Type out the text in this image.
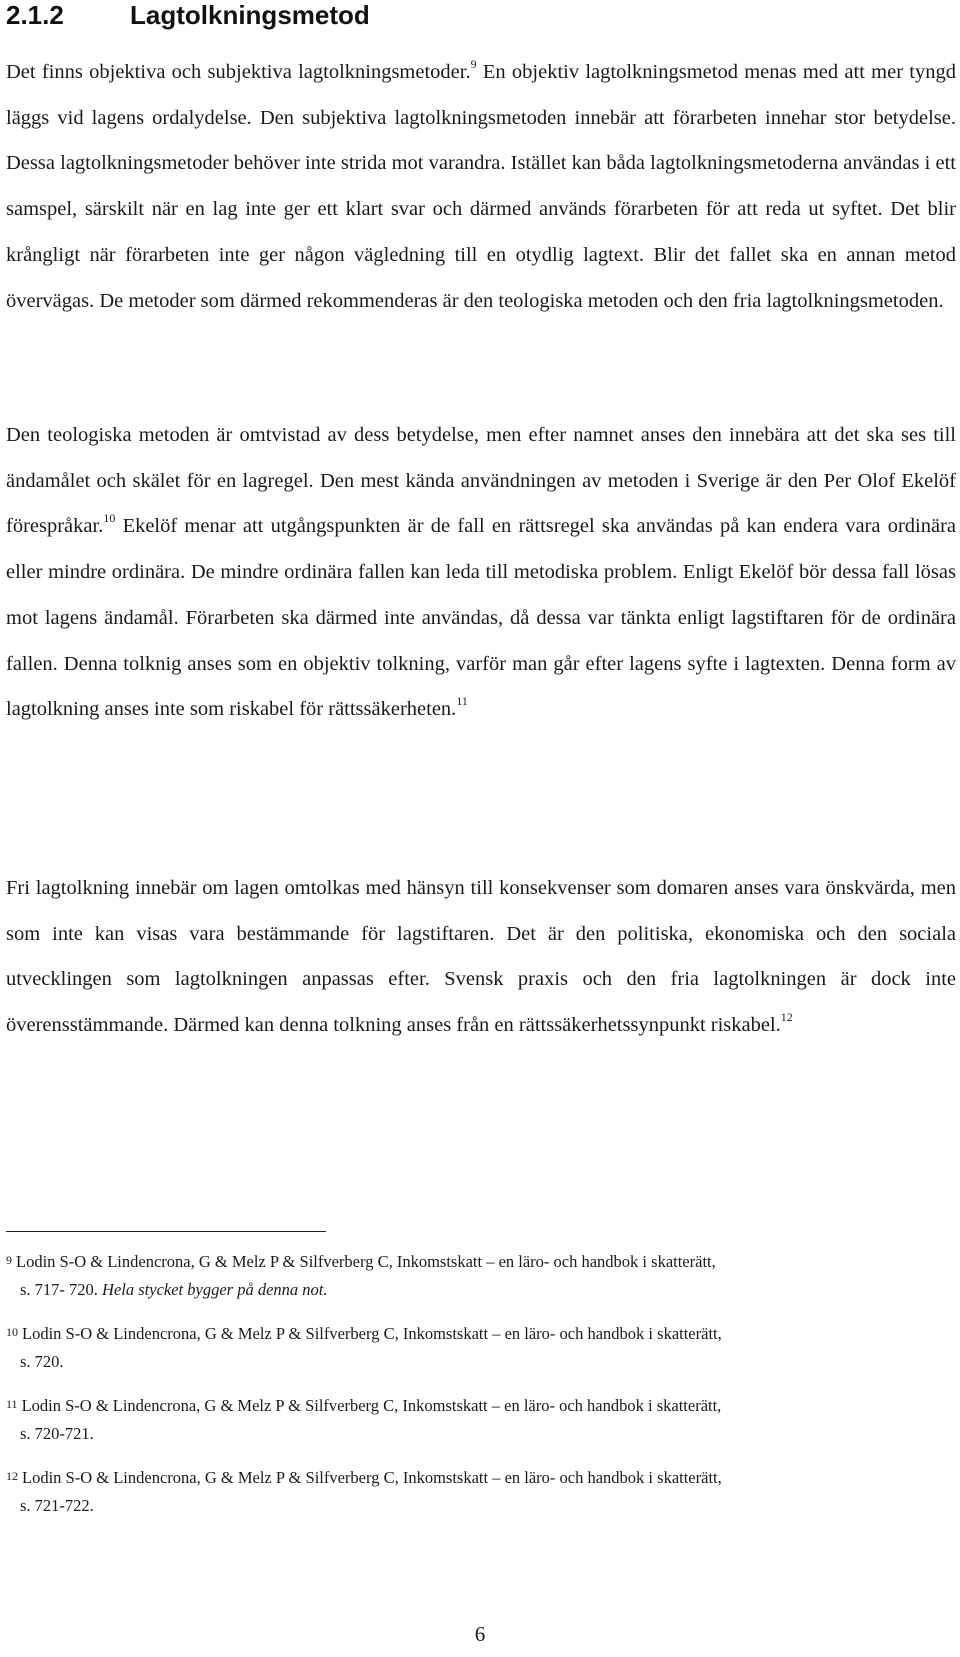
2.1.2	Lagtolkningsmetod

Det finns objektiva och subjektiva lagtolkningsmetoder.$^9$ En objektiv lagtolkningsmetod menas med att mer tyngd läggs vid lagens ordalydelse. Den subjektiva lagtolkningsmetoden innebär att förarbeten innehar stor betydelse. Dessa lagtolkningsmetoder behöver inte strida mot varandra. Istället kan båda lagtolkningsmetoderna användas i ett samspel, särskilt när en lag inte ger ett klart svar och därmed används förarbeten för att reda ut syftet. Det blir krångligt när förarbeten inte ger någon vägledning till en otydlig lagtext. Blir det fallet ska en annan metod övervägas. De metoder som därmed rekommenderas är den teologiska metoden och den fria lagtolkningsmetoden.

Den teologiska metoden är omtvistad av dess betydelse, men efter namnet anses den innebära att det ska ses till ändamålet och skälet för en lagregel. Den mest kända användningen av metoden i Sverige är den Per Olof Ekelöf förespråkar.$^{10}$ Ekelöf menar att utgångspunkten är de fall en rättsregel ska användas på kan endera vara ordinära eller mindre ordinära. De mindre ordinära fallen kan leda till metodiska problem. Enligt Ekelöf bör dessa fall lösas mot lagens ändamål. Förarbeten ska därmed inte användas, då dessa var tänkta enligt lagstiftaren för de ordinära fallen. Denna tolknig anses som en objektiv tolkning, varför man går efter lagens syfte i lagtexten. Denna form av lagtolkning anses inte som riskabel för rättssäkerheten.$^{11}$

Fri lagtolkning innebär om lagen omtolkas med hänsyn till konsekvenser som domaren anses vara önskvärda, men som inte kan visas vara bestämmande för lagstiftaren. Det är den politiska, ekonomiska och den sociala utvecklingen som lagtolkningen anpassas efter. Svensk praxis och den fria lagtolkningen är dock inte överensstämmande. Därmed kan denna tolkning anses från en rättssäkerhetssynpunkt riskabel.$^{12}$

9 Lodin S-O & Lindencrona, G & Melz P & Silfverberg C, Inkomstskatt – en läro- och handbok i skatterätt,
s. 717- 720. Hela stycket bygger på denna not.
10 Lodin S-O & Lindencrona, G & Melz P & Silfverberg C, Inkomstskatt – en läro- och handbok i skatterätt,
s. 720.
11 Lodin S-O & Lindencrona, G & Melz P & Silfverberg C, Inkomstskatt – en läro- och handbok i skatterätt,
s. 720-721.
12 Lodin S-O & Lindencrona, G & Melz P & Silfverberg C, Inkomstskatt – en läro- och handbok i skatterätt,
s. 721-722.
6
